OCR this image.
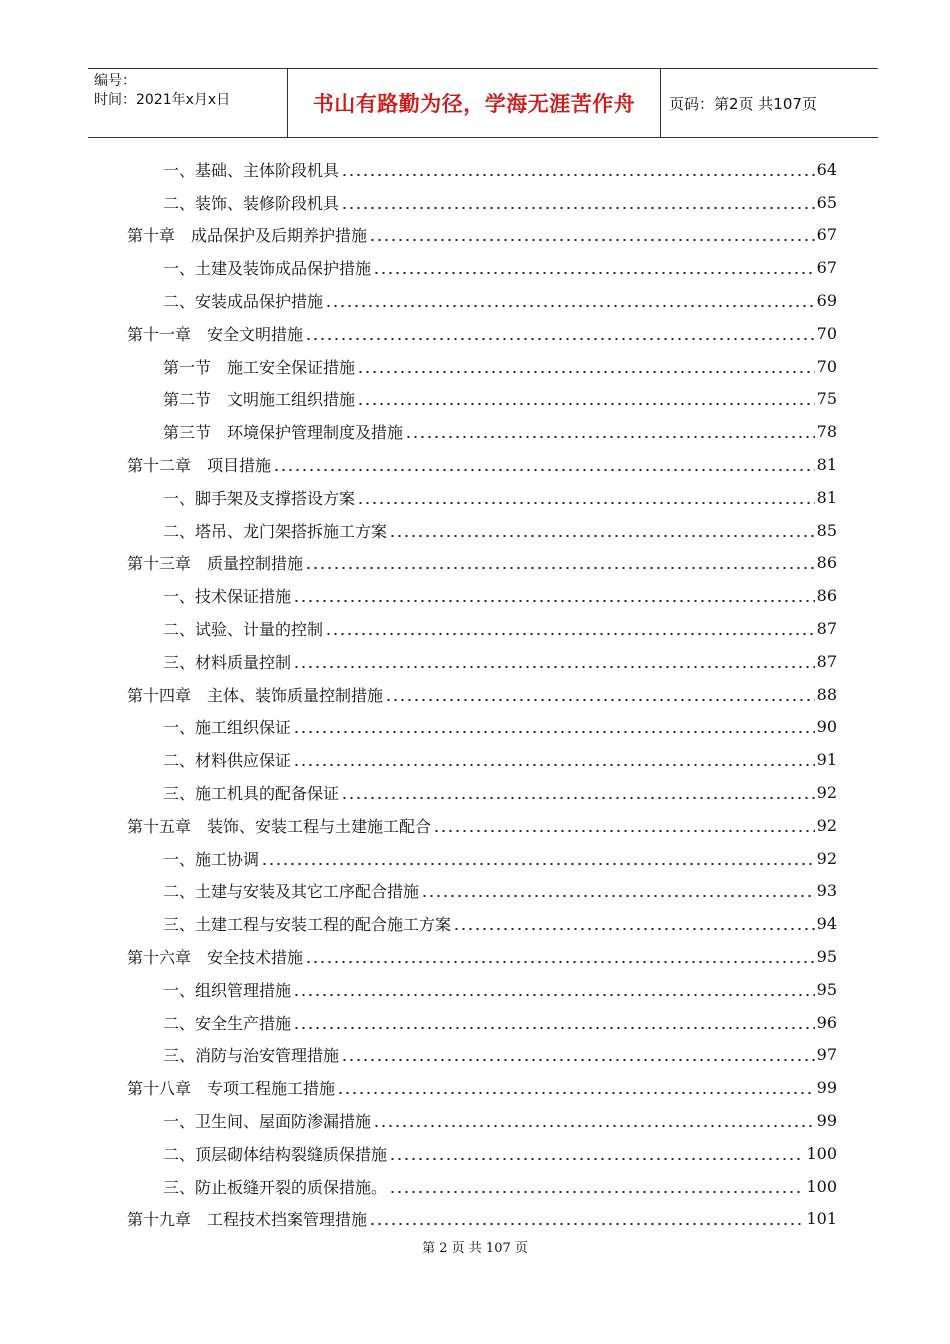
编号：
时间：2021年x月x日	书山有路勤为径，学海无涯苦作舟	页码：第2页 共107页
一、基础、主体阶段机具	64
二、装饰、装修阶段机具	65
第十章　成品保护及后期养护措施	67
一、土建及装饰成品保护措施	67
二、安装成品保护措施	69
第十一章　安全文明措施	70
第一节　施工安全保证措施	70
第二节　文明施工组织措施	75
第三节　环境保护管理制度及措施	78
第十二章　项目措施	81
一、脚手架及支撑搭设方案	81
二、塔吊、龙门架搭拆施工方案	85
第十三章　质量控制措施	86
一、技术保证措施	86
二、试验、计量的控制	87
三、材料质量控制	87
第十四章　主体、装饰质量控制措施	88
一、施工组织保证	90
二、材料供应保证	91
三、施工机具的配备保证	92
第十五章　装饰、安装工程与土建施工配合	92
一、施工协调	92
二、土建与安装及其它工序配合措施	93
三、土建工程与安装工程的配合施工方案	94
第十六章　安全技术措施	95
一、组织管理措施	95
二、安全生产措施	96
三、消防与治安管理措施	97
第十八章　专项工程施工措施	99
一、卫生间、屋面防渗漏措施	99
二、顶层砌体结构裂缝质保措施	100
三、防止板缝开裂的质保措施。	100
第十九章　工程技术挡案管理措施	101
第 2 页 共 107 页
